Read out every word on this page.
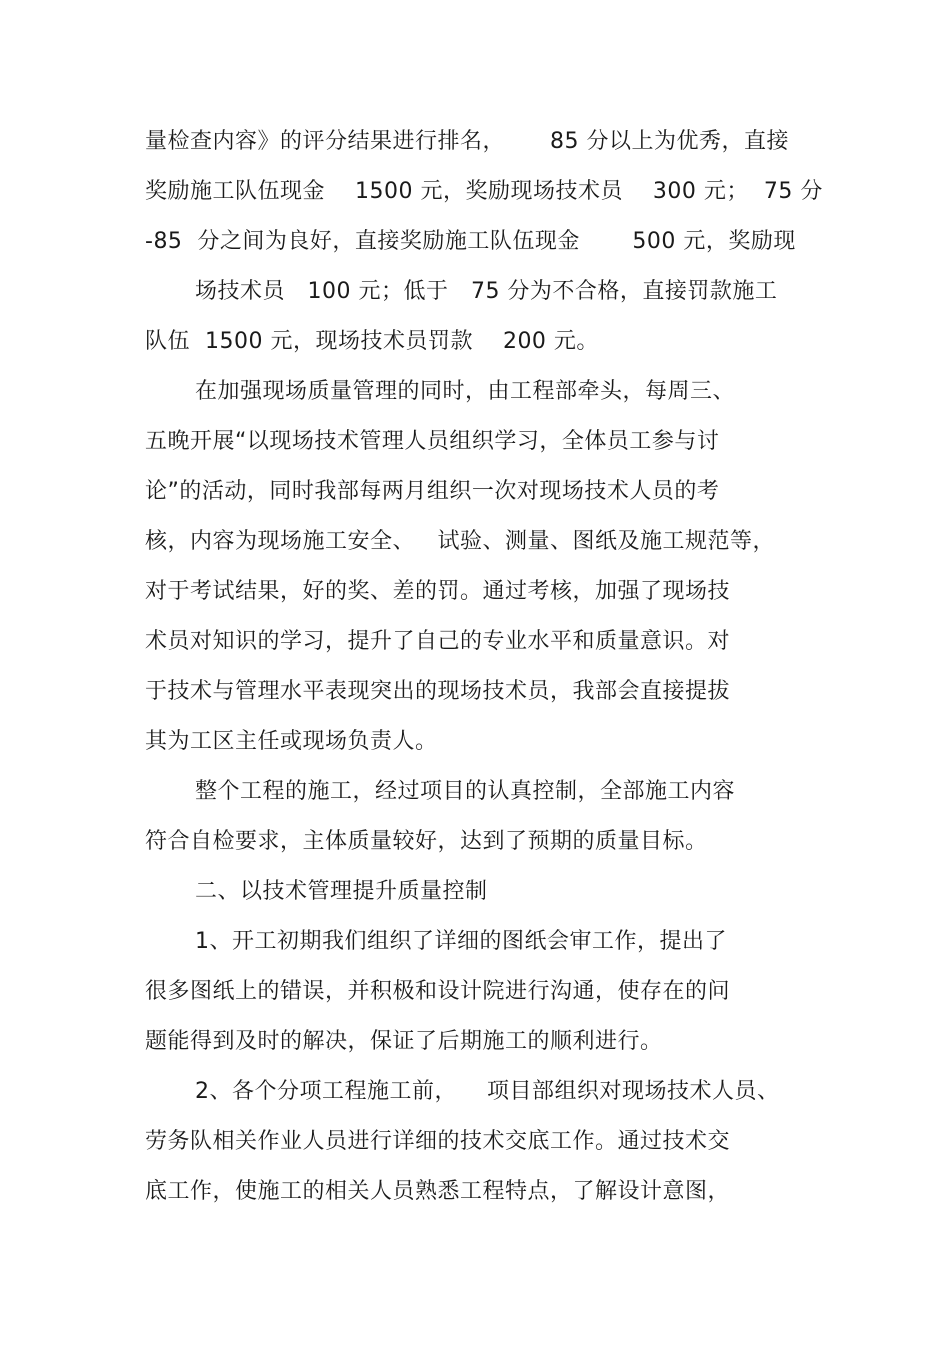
量检查内容》的评分结果进行排名，      85 分以上为优秀，直接
奖励施工队伍现金    1500 元，奖励现场技术员    300 元；  75 分
-85  分之间为良好，直接奖励施工队伍现金       500 元，奖励现
场技术员   100 元；低于   75 分为不合格，直接罚款施工
队伍  1500 元，现场技术员罚款    200 元。
在加强现场质量管理的同时，由工程部牵头，每周三、
五晚开展“以现场技术管理人员组织学习，全体员工参与讨
论”的活动，同时我部每两月组织一次对现场技术人员的考
核，内容为现场施工安全、   试验、测量、图纸及施工规范等，
对于考试结果，好的奖、差的罚。通过考核，加强了现场技
术员对知识的学习，提升了自己的专业水平和质量意识。对
于技术与管理水平表现突出的现场技术员，我部会直接提拔
其为工区主任或现场负责人。
整个工程的施工，经过项目的认真控制，全部施工内容
符合自检要求，主体质量较好，达到了预期的质量目标。
二、以技术管理提升质量控制
1、开工初期我们组织了详细的图纸会审工作，提出了
很多图纸上的错误，并积极和设计院进行沟通，使存在的问
题能得到及时的解决，保证了后期施工的顺利进行。
2、各个分项工程施工前，    项目部组织对现场技术人员、
劳务队相关作业人员进行详细的技术交底工作。通过技术交
底工作，使施工的相关人员熟悉工程特点，了解设计意图，
